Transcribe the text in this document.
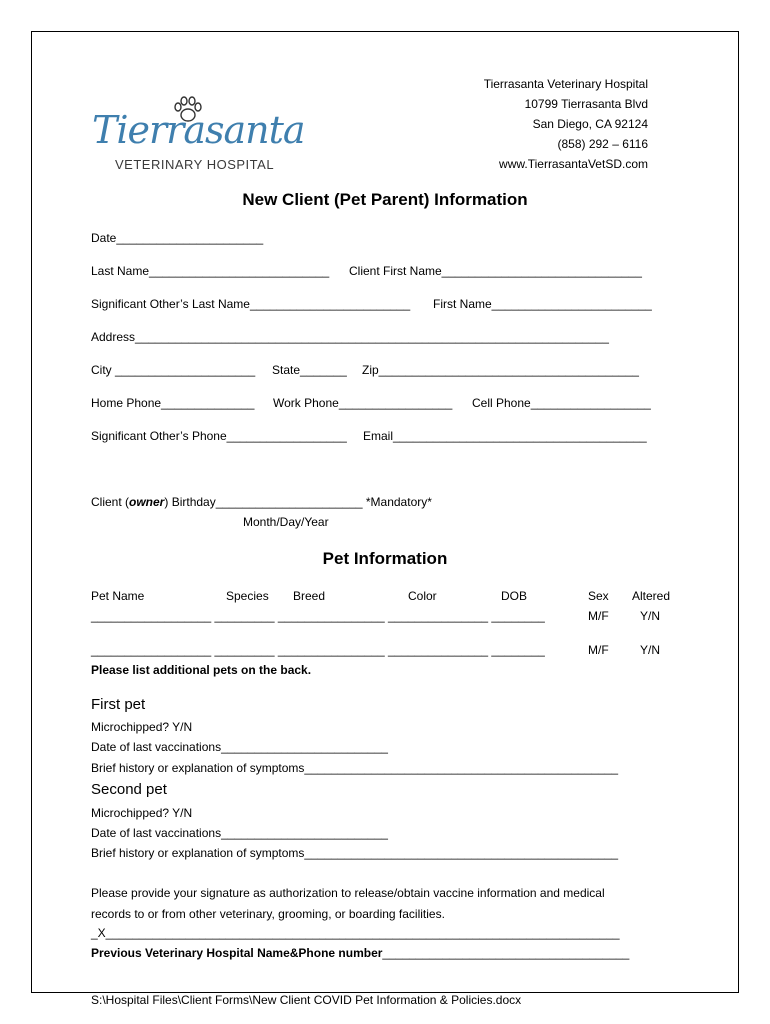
Tierrasanta
VETERINARY HOSPITAL
Tierrasanta Veterinary Hospital
10799 Tierrasanta Blvd
San Diego, CA 92124
(858) 292 – 6116
www.TierrasantaVetSD.com
New Client (Pet Parent) Information
Date______________________
Last Name___________________________ Client First Name______________________________
Significant Other’s Last Name________________________ First Name________________________
Address_______________________________________________________________________
City _____________________ State_______ Zip_______________________________________
Home Phone______________ Work Phone_________________ Cell Phone__________________
Significant Other’s Phone__________________ Email______________________________________
Client (owner) Birthday______________________ *Mandatory*
Month/Day/Year
Pet Information
Pet Name	Species Breed	Color	DOB	Sex Altered
__________________ _________ ________________ _______________ ________	M/F	Y/N
__________________ _________ ________________ _______________ ________	M/F	Y/N
Please list additional pets on the back.
First pet
Microchipped? Y/N
Date of last vaccinations_________________________
Brief history or explanation of symptoms_______________________________________________
Second pet
Microchipped? Y/N
Date of last vaccinations_________________________
Brief history or explanation of symptoms_______________________________________________
Please provide your signature as authorization to release/obtain vaccine information and medical
records to or from other veterinary, grooming, or boarding facilities.
_X_____________________________________________________________________________
Previous Veterinary Hospital Name&Phone number_____________________________________
S:\Hospital Files\Client Forms\New Client COVID Pet Information & Policies.docx
